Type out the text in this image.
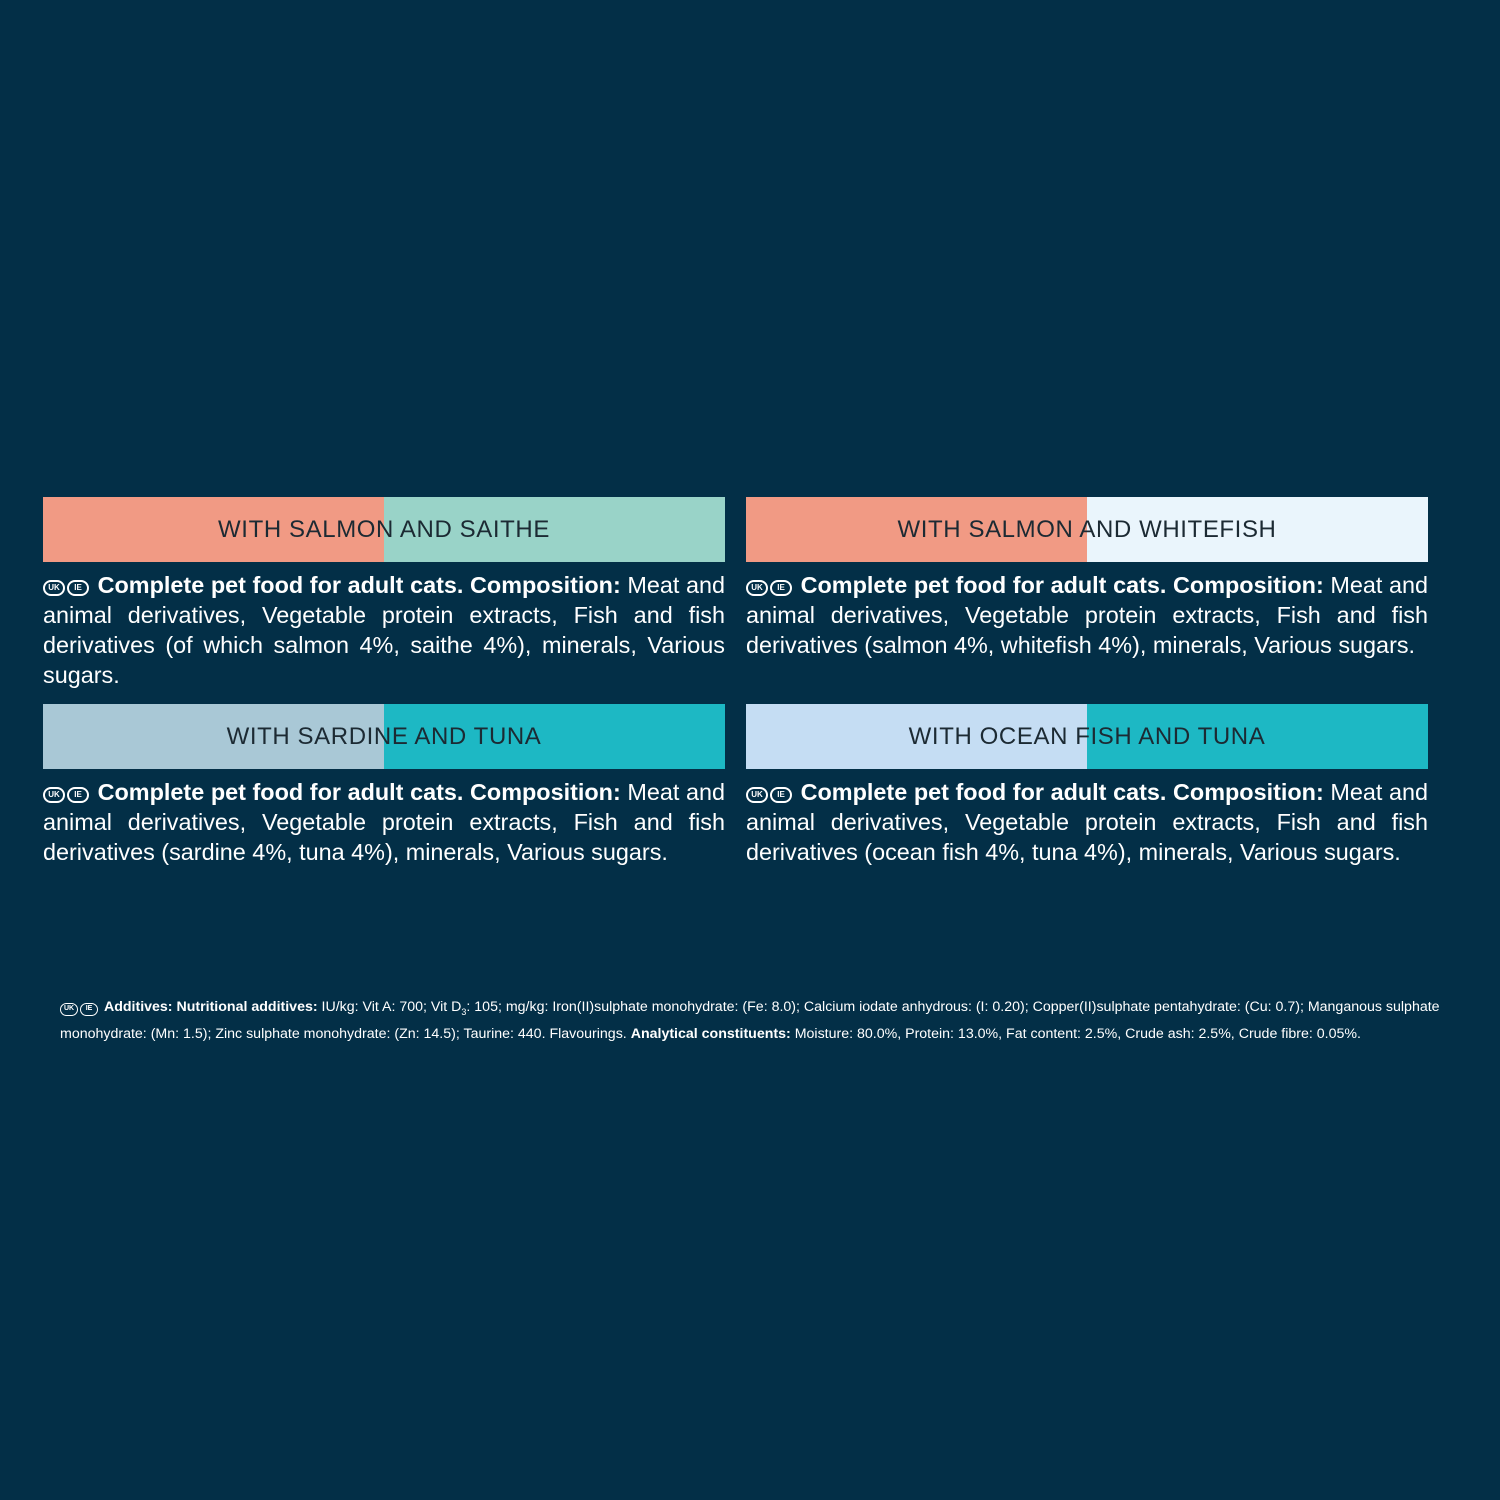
WITH SALMON AND SAITHE
UK IE Complete pet food for adult cats. Composition: Meat and animal derivatives, Vegetable protein extracts, Fish and fish derivatives (of which salmon 4%, saithe 4%), minerals, Various sugars.
WITH SALMON AND WHITEFISH
UK IE Complete pet food for adult cats. Composition: Meat and animal derivatives, Vegetable protein extracts, Fish and fish derivatives (salmon 4%, whitefish 4%), minerals, Various sugars.
WITH SARDINE AND TUNA
UK IE Complete pet food for adult cats. Composition: Meat and animal derivatives, Vegetable protein extracts, Fish and fish derivatives (sardine 4%, tuna 4%), minerals, Various sugars.
WITH OCEAN FISH AND TUNA
UK IE Complete pet food for adult cats. Composition: Meat and animal derivatives, Vegetable protein extracts, Fish and fish derivatives (ocean fish 4%, tuna 4%), minerals, Various sugars.
UK IE Additives: Nutritional additives: IU/kg: Vit A: 700; Vit $D_3$: 105; mg/kg: Iron(II)sulphate monohydrate: (Fe: 8.0); Calcium iodate anhydrous: (I: 0.20); Copper(II)sulphate pentahydrate: (Cu: 0.7); Manganous sulphate monohydrate: (Mn: 1.5); Zinc sulphate monohydrate: (Zn: 14.5); Taurine: 440. Flavourings. Analytical constituents: Moisture: 80.0%, Protein: 13.0%, Fat content: 2.5%, Crude ash: 2.5%, Crude fibre: 0.05%.
